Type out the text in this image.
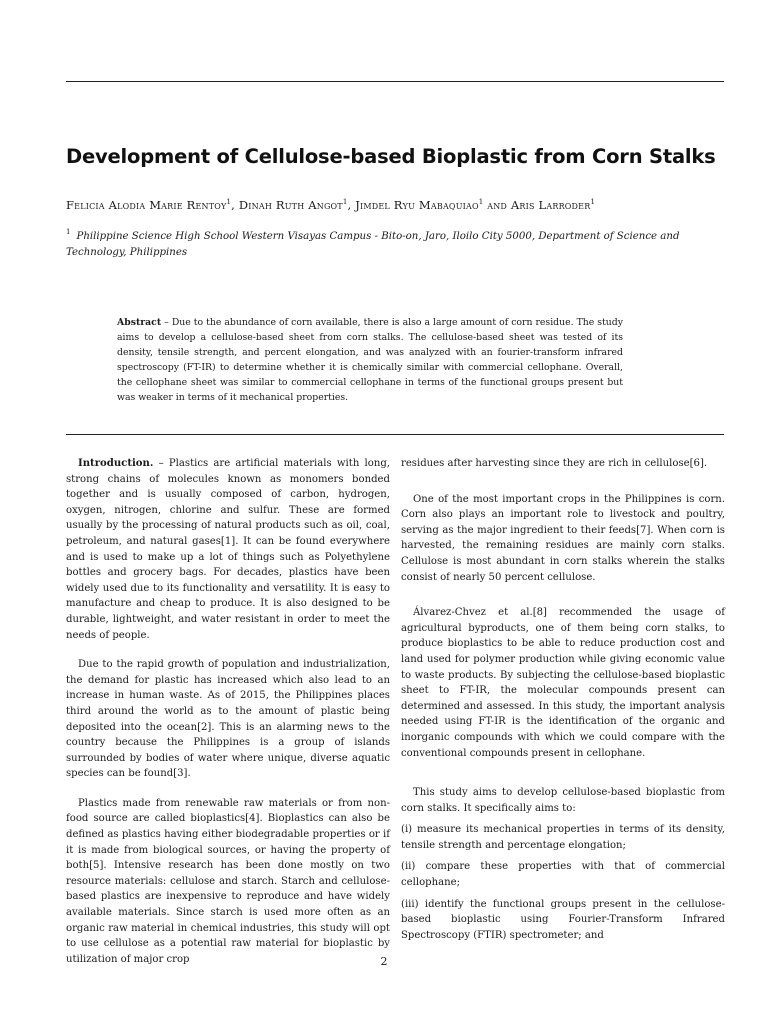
Development of Cellulose-based Bioplastic from Corn Stalks
Felicia Alodia Marie Rentoy$^1$, Dinah Ruth Angot$^1$, Jimdel Ryu Mabaquiao$^1$ and Aris Larroder$^1$
$^1$ Philippine Science High School Western Visayas Campus - Bito-on, Jaro, Iloilo City 5000, Department of Science and Technology, Philippines
Abstract – Due to the abundance of corn available, there is also a large amount of corn residue. The study aims to develop a cellulose-based sheet from corn stalks. The cellulose-based sheet was tested of its density, tensile strength, and percent elongation, and was analyzed with an fourier-transform infrared spectroscopy (FT-IR) to determine whether it is chemically similar with commercial cellophane. Overall, the cellophane sheet was similar to commercial cellophane in terms of the functional groups present but was weaker in terms of it mechanical properties.

Introduction. – Plastics are artificial materials with long, strong chains of molecules known as monomers bonded together and is usually composed of carbon, hydrogen, oxygen, nitrogen, chlorine and sulfur. These are formed usually by the processing of natural products such as oil, coal, petroleum, and natural gases[1]. It can be found everywhere and is used to make up a lot of things such as Polyethylene bottles and grocery bags. For decades, plastics have been widely used due to its functionality and versatility. It is easy to manufacture and cheap to produce. It is also designed to be durable, lightweight, and water resistant in order to meet the needs of people.

Due to the rapid growth of population and industrialization, the demand for plastic has increased which also lead to an increase in human waste. As of 2015, the Philippines places third around the world as to the amount of plastic being deposited into the ocean[2]. This is an alarming news to the country because the Philippines is a group of islands surrounded by bodies of water where unique, diverse aquatic species can be found[3].

Plastics made from renewable raw materials or from non-food source are called bioplastics[4]. Bioplastics can also be defined as plastics having either biodegradable properties or if it is made from biological sources, or having the property of both[5]. Intensive research has been done mostly on two resource materials: cellulose and starch. Starch and cellulose-based plastics are inexpensive to reproduce and have widely available materials. Since starch is used more often as an organic raw material in chemical industries, this study will opt to use cellulose as a potential raw material for bioplastic by utilization of major crop

residues after harvesting since they are rich in cellulose[6].

One of the most important crops in the Philippines is corn. Corn also plays an important role to livestock and poultry, serving as the major ingredient to their feeds[7]. When corn is harvested, the remaining residues are mainly corn stalks. Cellulose is most abundant in corn stalks wherein the stalks consist of nearly 50 percent cellulose.

Álvarez-Chvez et al.[8] recommended the usage of agricultural byproducts, one of them being corn stalks, to produce bioplastics to be able to reduce production cost and land used for polymer production while giving economic value to waste products. By subjecting the cellulose-based bioplastic sheet to FT-IR, the molecular compounds present can determined and assessed. In this study, the important analysis needed using FT-IR is the identification of the organic and inorganic compounds with which we could compare with the conventional compounds present in cellophane.

This study aims to develop cellulose-based bioplastic from corn stalks. It specifically aims to:

(i) measure its mechanical properties in terms of its density, tensile strength and percentage elongation;

(ii) compare these properties with that of commercial cellophane;

(iii) identify the functional groups present in the cellulose-based bioplastic using Fourier-Transform Infrared Spectroscopy (FTIR) spectrometer; and

2
